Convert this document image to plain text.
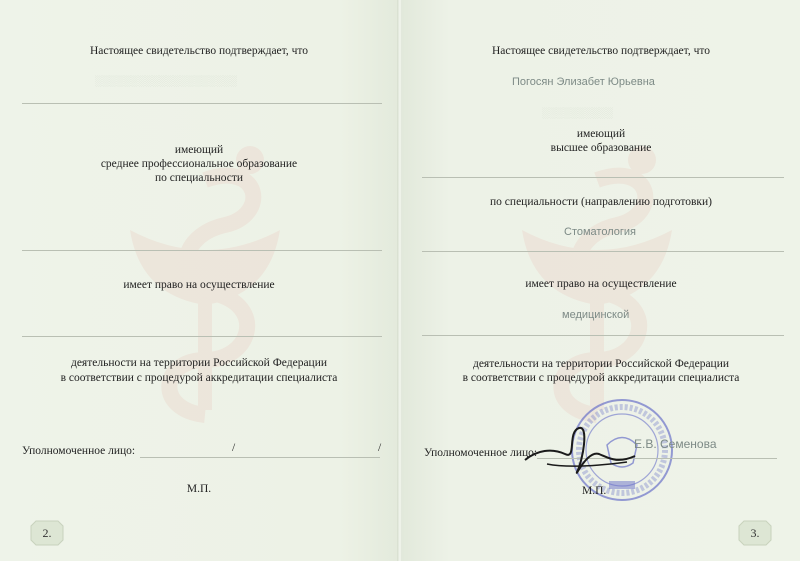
Настоящее свидетельство подтверждает, что
░░░░░░░░░░░░░░░░░░░░
имеющий
среднее профессиональное образование
по специальности
имеет право на осуществление
деятельности на территории Российской Федерации
в соответствии с процедурой аккредитации специалиста
Уполномоченное лицо:	/	/
М.П.
2.
Настоящее свидетельство подтверждает, что
Погосян Элизабет Юрьевна
░░░░░░░░░░
имеющий
высшее образование
по специальности (направлению подготовки)
Стоматология
имеет право на осуществление
медицинской
деятельности на территории Российской Федерации
в соответствии с процедурой аккредитации специалиста
Уполномоченное лицо:
Е.В. Семенова
М.П.
3.
